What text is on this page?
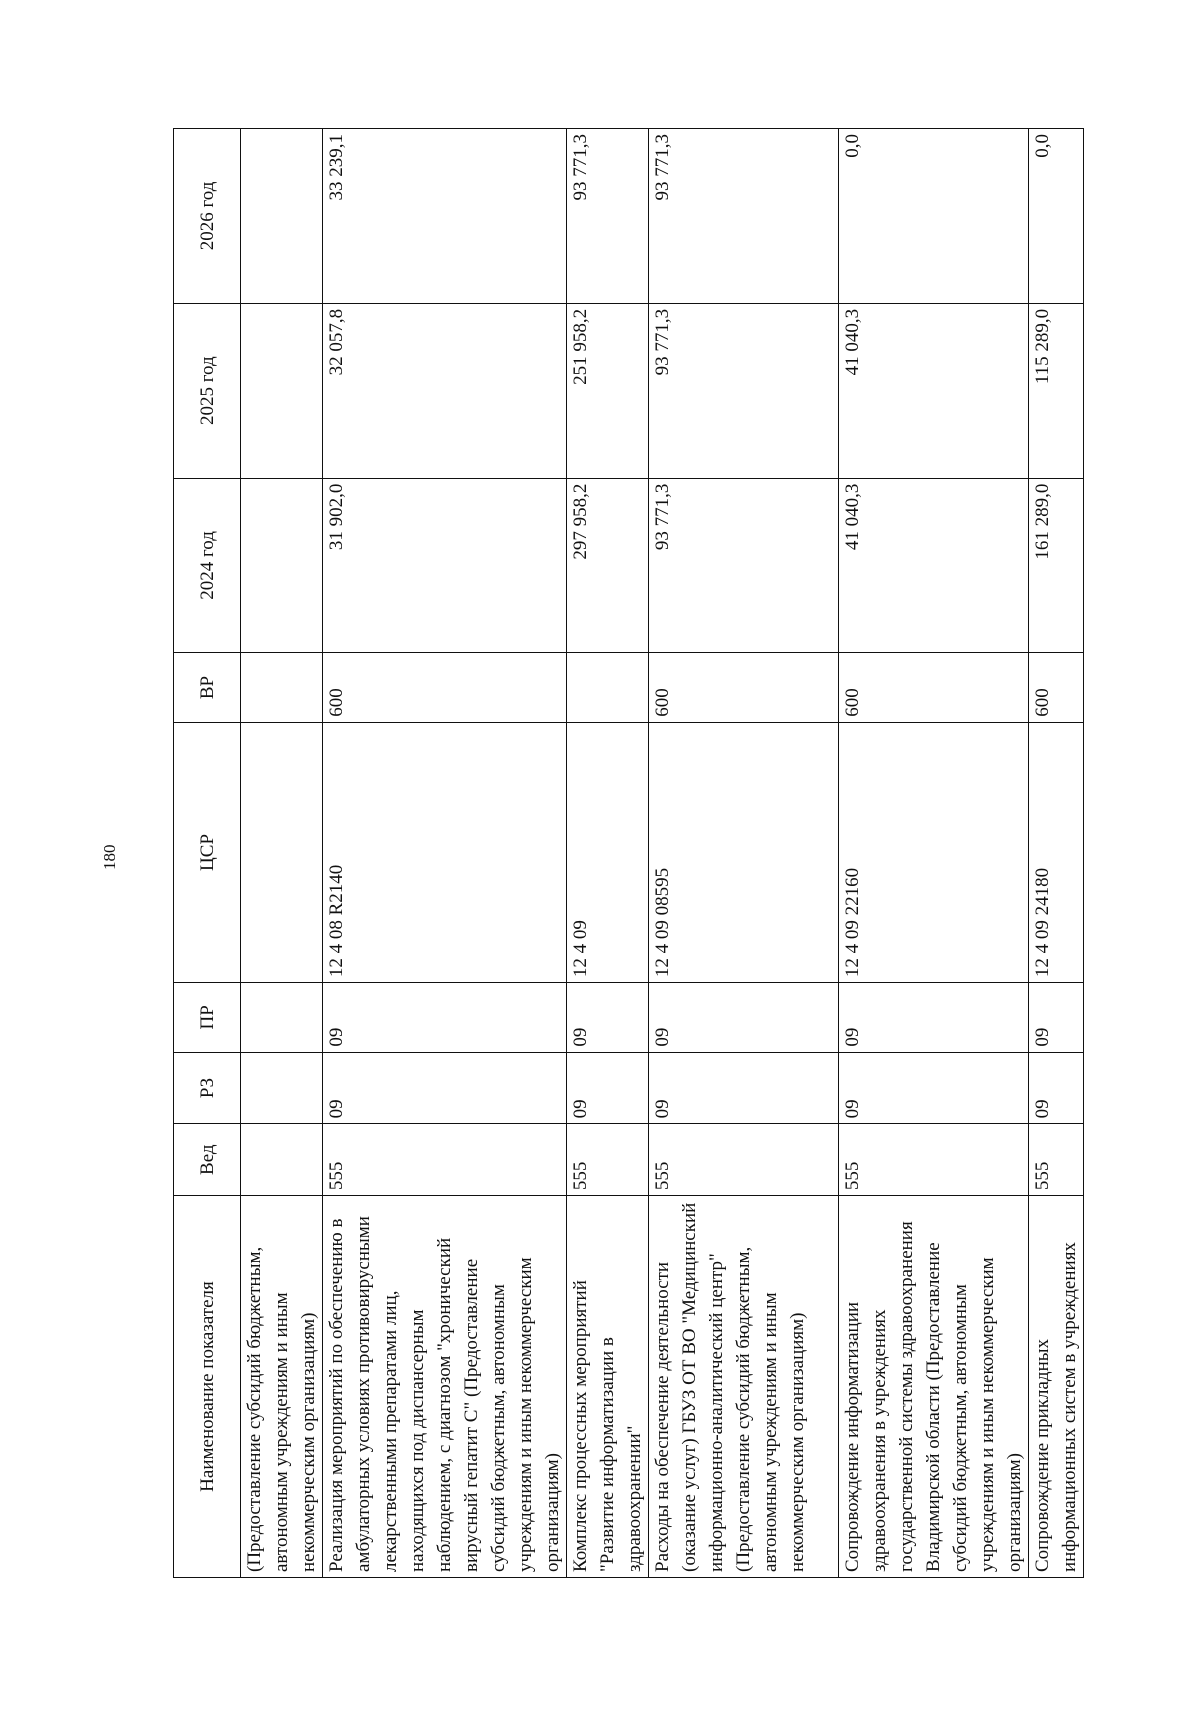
180
Наименование показателя	Вед	РЗ	ПР	ЦСР	ВР	2024 год	2025 год	2026 год
(Предоставление субсидий бюджетным, автономным учреждениям и иным некоммерческим организациям)								
Реализация мероприятий по обеспечению в амбулаторных условиях противовирусными лекарственными препаратами лиц, находящихся под диспансерным наблюдением, с диагнозом "хронический вирусный гепатит С" (Предоставление субсидий бюджетным, автономным учреждениям и иным некоммерческим организациям)	555	09	09	12 4 08 R2140	600	31 902,0	32 057,8	33 239,1
Комплекс процессных мероприятий "Развитие информатизации в здравоохранении"	555	09	09	12 4 09		297 958,2	251 958,2	93 771,3
Расходы на обеспечение деятельности (оказание услуг) ГБУЗ ОТ ВО "Медицинский информационно-аналитический центр" (Предоставление субсидий бюджетным, автономным учреждениям и иным некоммерческим организациям)	555	09	09	12 4 09 08595	600	93 771,3	93 771,3	93 771,3
Сопровождение информатизации здравоохранения в учреждениях государственной системы здравоохранения Владимирской области (Предоставление субсидий бюджетным, автономным учреждениям и иным некоммерческим организациям)	555	09	09	12 4 09 22160	600	41 040,3	41 040,3	0,0
Сопровождение прикладных информационных систем в учреждениях	555	09	09	12 4 09 24180	600	161 289,0	115 289,0	0,0
